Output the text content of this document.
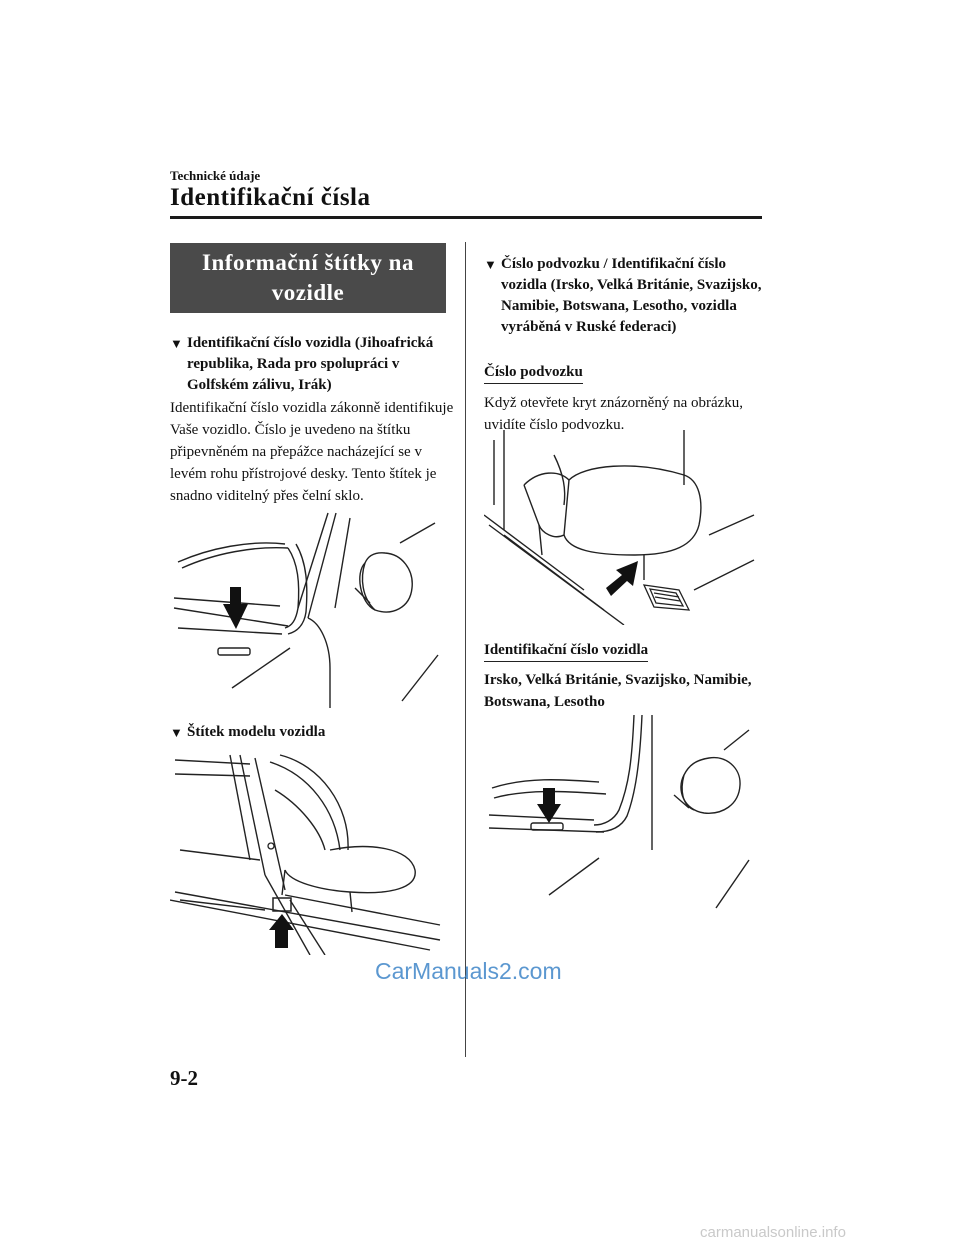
Technické údaje
Identifikační čísla
Informační štítky na
vozidle
▼ Identifikační číslo vozidla (Jihoafrická republika, Rada pro spolupráci v Golfském zálivu, Irák)
Identifikační číslo vozidla zákonně identifikuje Vaše vozidlo. Číslo je uvedeno na štítku připevněném na přepážce nacházející se v levém rohu přístrojové desky. Tento štítek je snadno viditelný přes čelní sklo.
▼ Štítek modelu vozidla
▼ Číslo podvozku / Identifikační číslo vozidla (Irsko, Velká Británie, Svazijsko, Namibie, Botswana, Lesotho, vozidla vyráběná v Ruské federaci)
Číslo podvozku
Když otevřete kryt znázorněný na obrázku, uvidíte číslo podvozku.
Identifikační číslo vozidla
Irsko, Velká Británie, Svazijsko, Namibie, Botswana, Lesotho
9-2
CarManuals2.com
carmanualsonline.info
